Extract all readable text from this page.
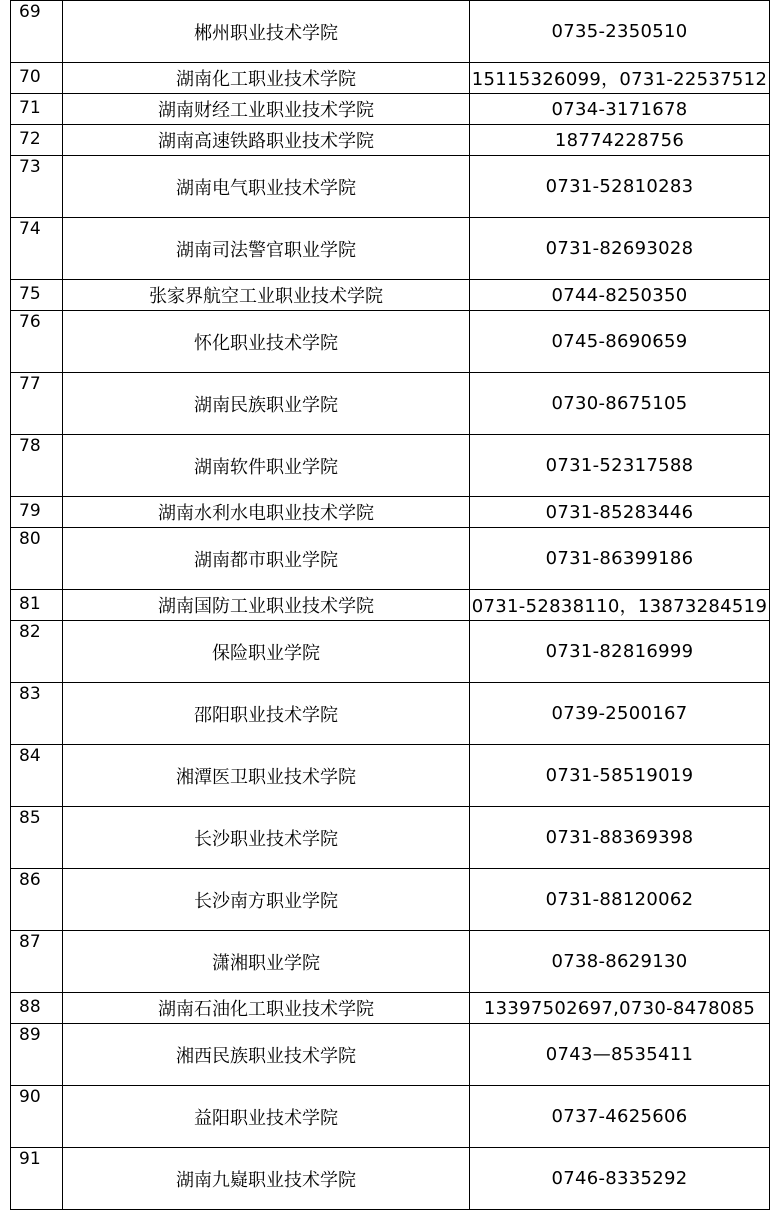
69	郴州职业技术学院	0735-2350510
70	湖南化工职业技术学院	15115326099，0731-22537512
71	湖南财经工业职业技术学院	0734-3171678
72	湖南高速铁路职业技术学院	18774228756
73	湖南电气职业技术学院	0731-52810283
74	湖南司法警官职业学院	0731-82693028
75	张家界航空工业职业技术学院	0744-8250350
76	怀化职业技术学院	0745-8690659
77	湖南民族职业学院	0730-8675105
78	湖南软件职业学院	0731-52317588
79	湖南水利水电职业技术学院	0731-85283446
80	湖南都市职业学院	0731-86399186
81	湖南国防工业职业技术学院	0731-52838110，13873284519
82	保险职业学院	0731-82816999
83	邵阳职业技术学院	0739-2500167
84	湘潭医卫职业技术学院	0731-58519019
85	长沙职业技术学院	0731-88369398
86	长沙南方职业学院	0731-88120062
87	潇湘职业学院	0738-8629130
88	湖南石油化工职业技术学院	13397502697,0730-8478085
89	湘西民族职业技术学院	0743—8535411
90	益阳职业技术学院	0737-4625606
91	湖南九嶷职业技术学院	0746-8335292
